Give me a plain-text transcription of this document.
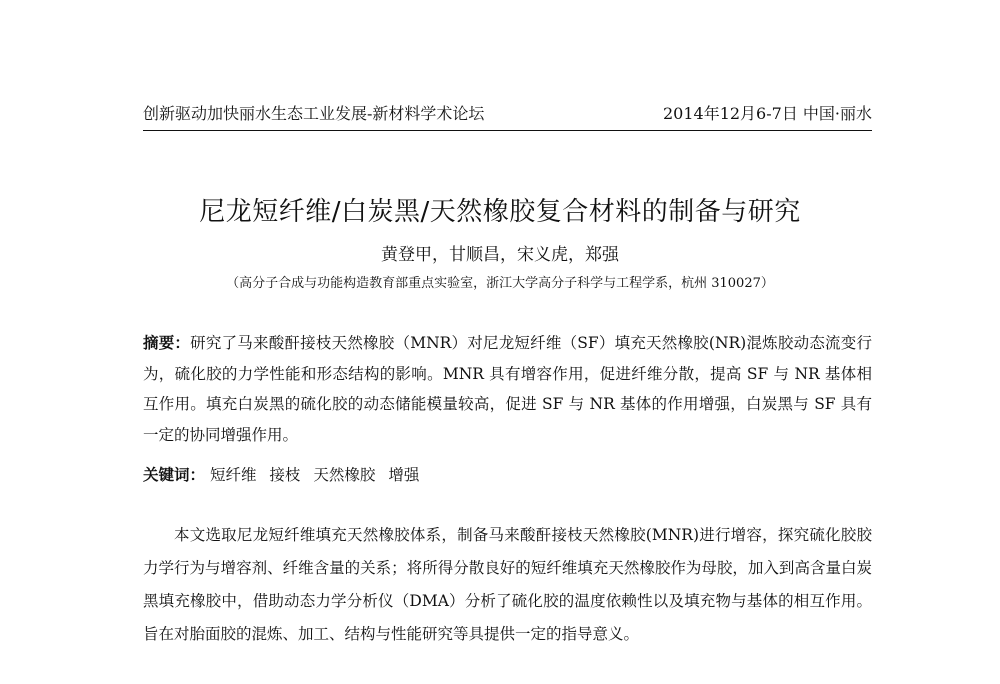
创新驱动加快丽水生态工业发展-新材料学术论坛	2014年12月6-7日 中国·丽水
尼龙短纤维/白炭黑/天然橡胶复合材料的制备与研究
黄登甲，甘顺昌，宋义虎，郑强
（高分子合成与功能构造教育部重点实验室，浙江大学高分子科学与工程学系，杭州 310027）
摘要：研究了马来酸酐接枝天然橡胶（MNR）对尼龙短纤维（SF）填充天然橡胶(NR)混炼胶动态流变行为，硫化胶的力学性能和形态结构的影响。MNR 具有增容作用，促进纤维分散，提高 SF 与 NR 基体相互作用。填充白炭黑的硫化胶的动态储能模量较高，促进 SF 与 NR 基体的作用增强，白炭黑与 SF 具有一定的协同增强作用。
关键词： 短纤维 接枝 天然橡胶 增强
本文选取尼龙短纤维填充天然橡胶体系，制备马来酸酐接枝天然橡胶(MNR)进行增容，探究硫化胶胶力学行为与增容剂、纤维含量的关系；将所得分散良好的短纤维填充天然橡胶作为母胶，加入到高含量白炭黑填充橡胶中，借助动态力学分析仪（DMA）分析了硫化胶的温度依赖性以及填充物与基体的相互作用。旨在对胎面胶的混炼、加工、结构与性能研究等具提供一定的指导意义。
